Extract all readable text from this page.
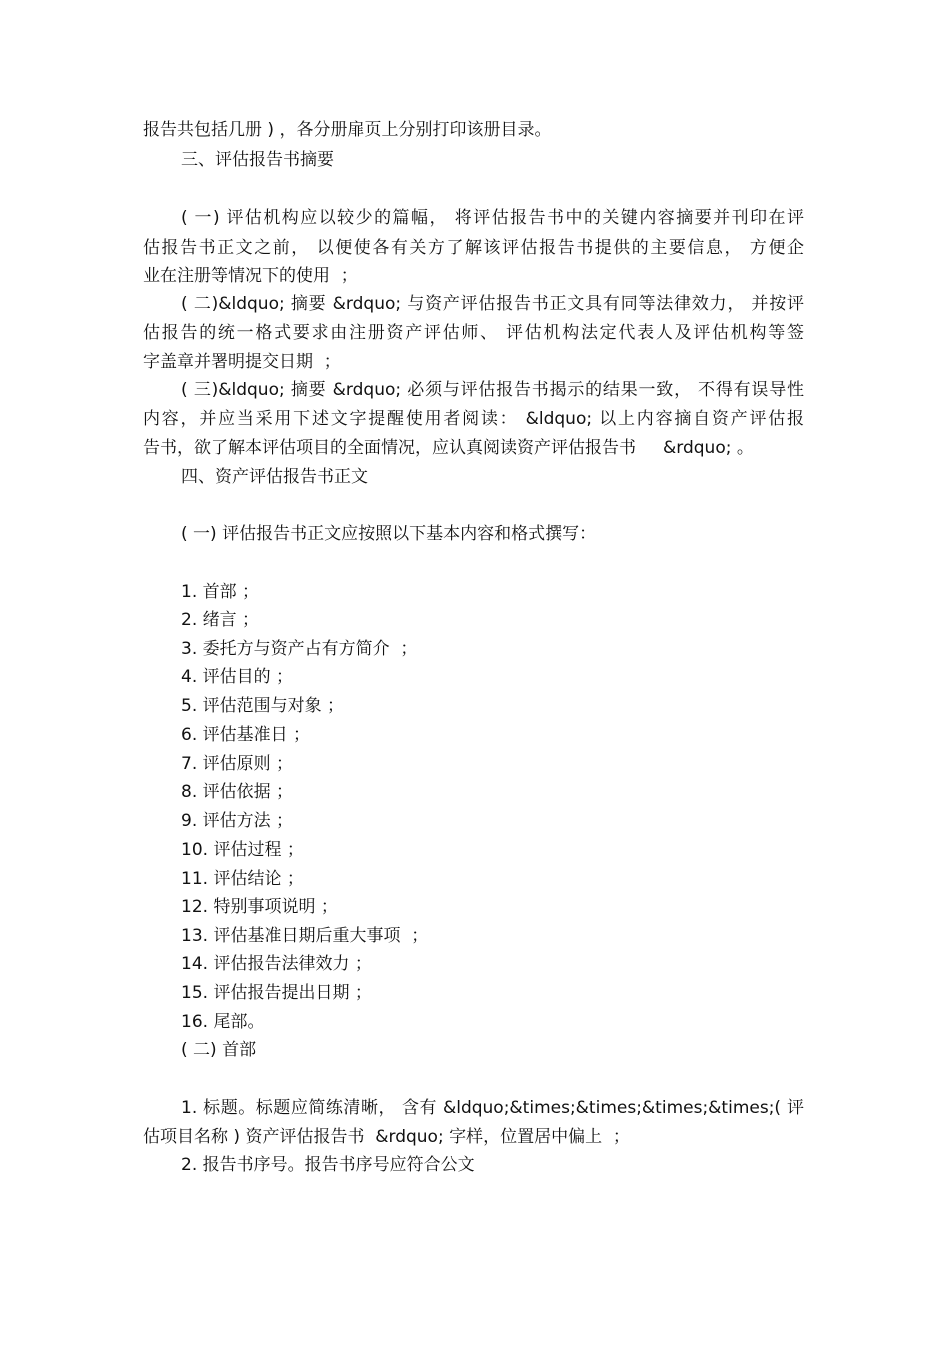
报告共包括几册 ) ，各分册扉页上分别打印该册目录。

三、评估报告书摘要

( 一) 评估机构应以较少的篇幅， 将评估报告书中的关键内容摘要并刊印在评

估报告书正文之前， 以便使各有关方了解该评估报告书提供的主要信息， 方便企

业在注册等情况下的使用  ；

( 二)&ldquo; 摘要 &rdquo; 与资产评估报告书正文具有同等法律效力， 并按评

估报告的统一格式要求由注册资产评估师、 评估机构法定代表人及评估机构等签

字盖章并署明提交日期  ；

( 三)&ldquo; 摘要 &rdquo; 必须与评估报告书揭示的结果一致， 不得有误导性

内容，并应当采用下述文字提醒使用者阅读： &ldquo; 以上内容摘自资产评估报

告书，欲了解本评估项目的全面情况，应认真阅读资产评估报告书     &rdquo; 。

四、资产评估报告书正文

( 一) 评估报告书正文应按照以下基本内容和格式撰写：

1. 首部 ；

2. 绪言 ；

3. 委托方与资产占有方简介  ；

4. 评估目的 ；

5. 评估范围与对象 ；

6. 评估基准日 ；

7. 评估原则 ；

8. 评估依据 ；

9. 评估方法 ；

10. 评估过程 ；

11. 评估结论 ；

12. 特别事项说明 ；

13. 评估基准日期后重大事项  ；

14. 评估报告法律效力 ；

15. 评估报告提出日期 ；

16. 尾部。

( 二) 首部

1. 标题。标题应简练清晰， 含有 &ldquo;&times;&times;&times;&times;( 评

估项目名称 ) 资产评估报告书  &rdquo; 字样，位置居中偏上  ；

2. 报告书序号。报告书序号应符合公文
